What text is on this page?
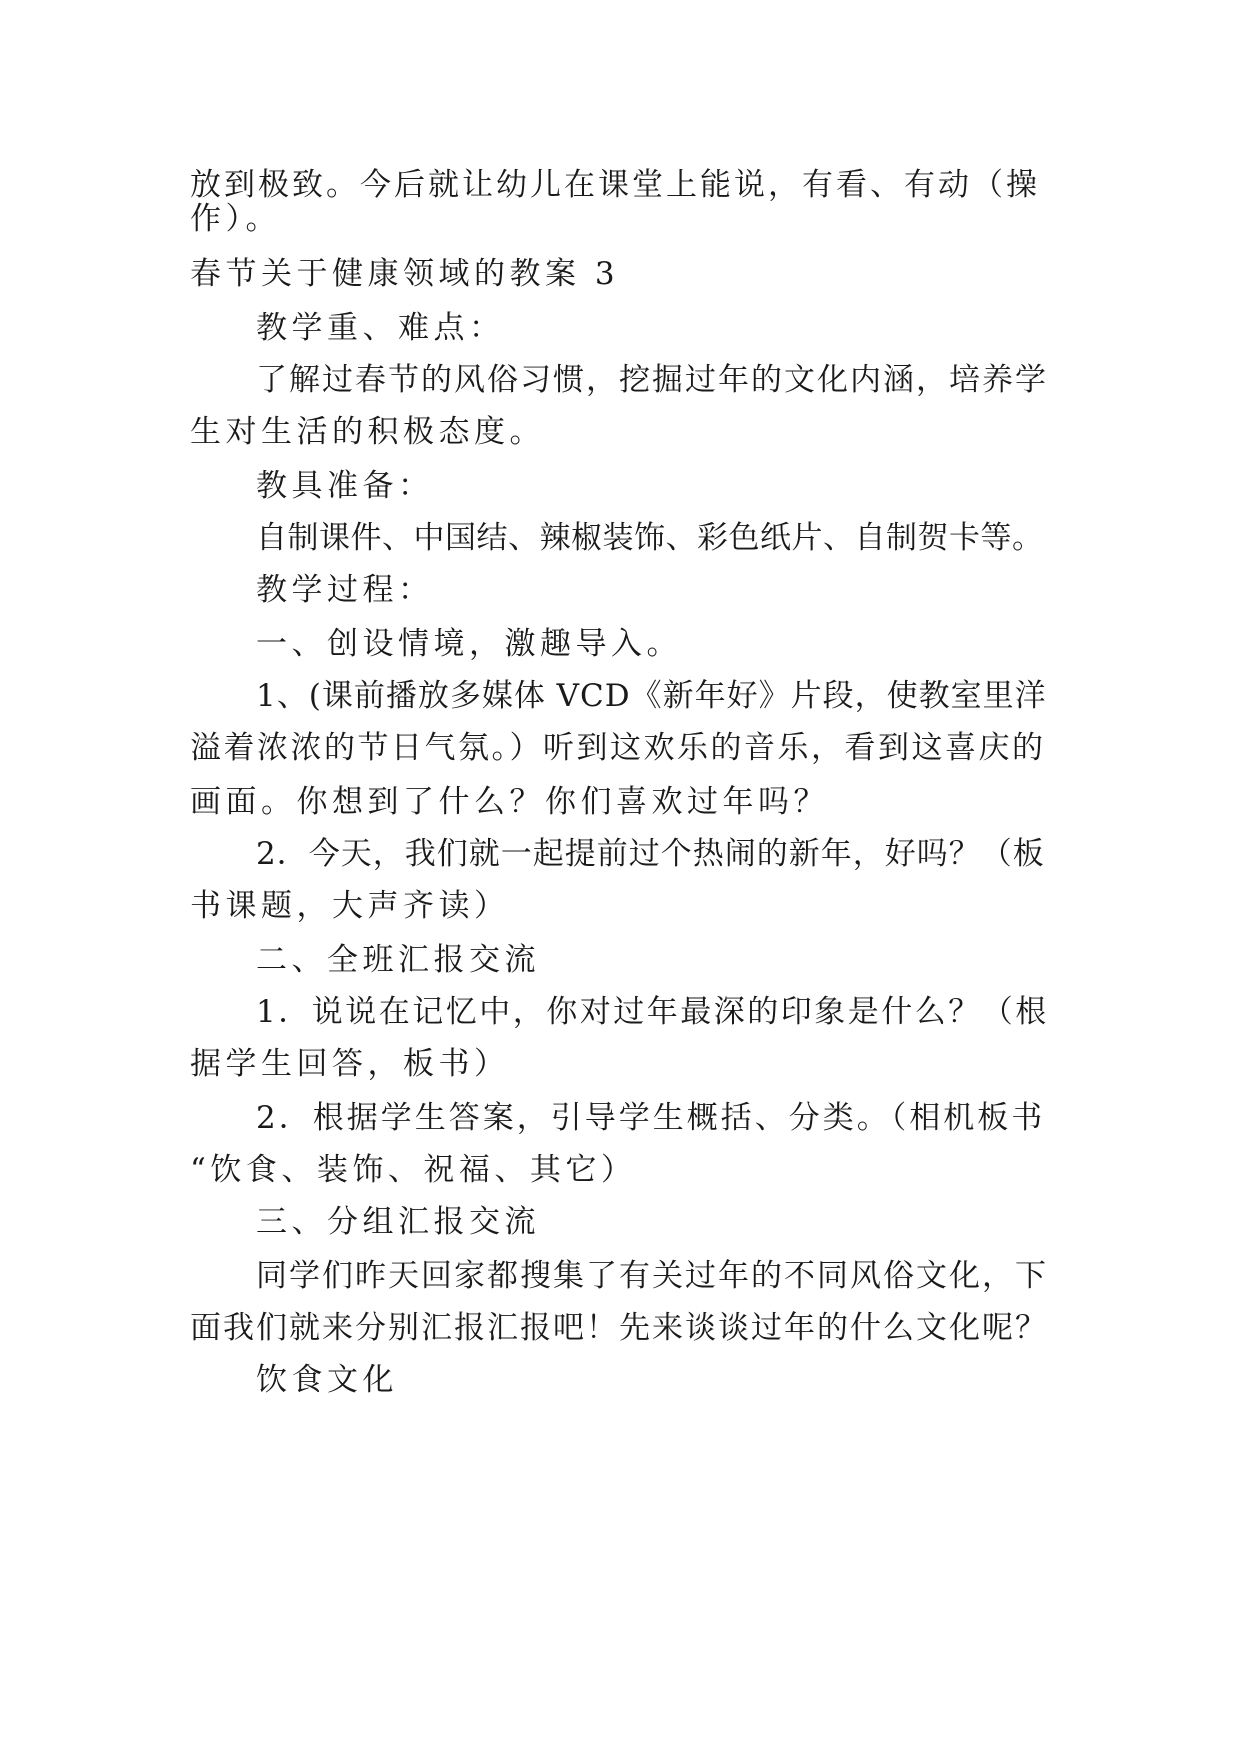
放到极致。今后就让幼儿在课堂上能说，有看、有动（操
作）。
春节关于健康领域的教案 3
教学重、难点：
了解过春节的风俗习惯，挖掘过年的文化内涵，培养学
生对生活的积极态度。
教具准备：
自制课件、中国结、辣椒装饰、彩色纸片、自制贺卡等。
教学过程：
一、创设情境，激趣导入。
1、(课前播放多媒体 VCD《新年好》片段，使教室里洋
溢着浓浓的节日气氛。）听到这欢乐的音乐，看到这喜庆的
画面。你想到了什么？你们喜欢过年吗？
2．今天，我们就一起提前过个热闹的新年，好吗？（板
书课题，大声齐读）
二、全班汇报交流
1．说说在记忆中，你对过年最深的印象是什么？（根
据学生回答，板书）
2．根据学生答案，引导学生概括、分类。（相机板书
“饮食、装饰、祝福、其它）
三、分组汇报交流
同学们昨天回家都搜集了有关过年的不同风俗文化，下
面我们就来分别汇报汇报吧！先来谈谈过年的什么文化呢？
饮食文化
